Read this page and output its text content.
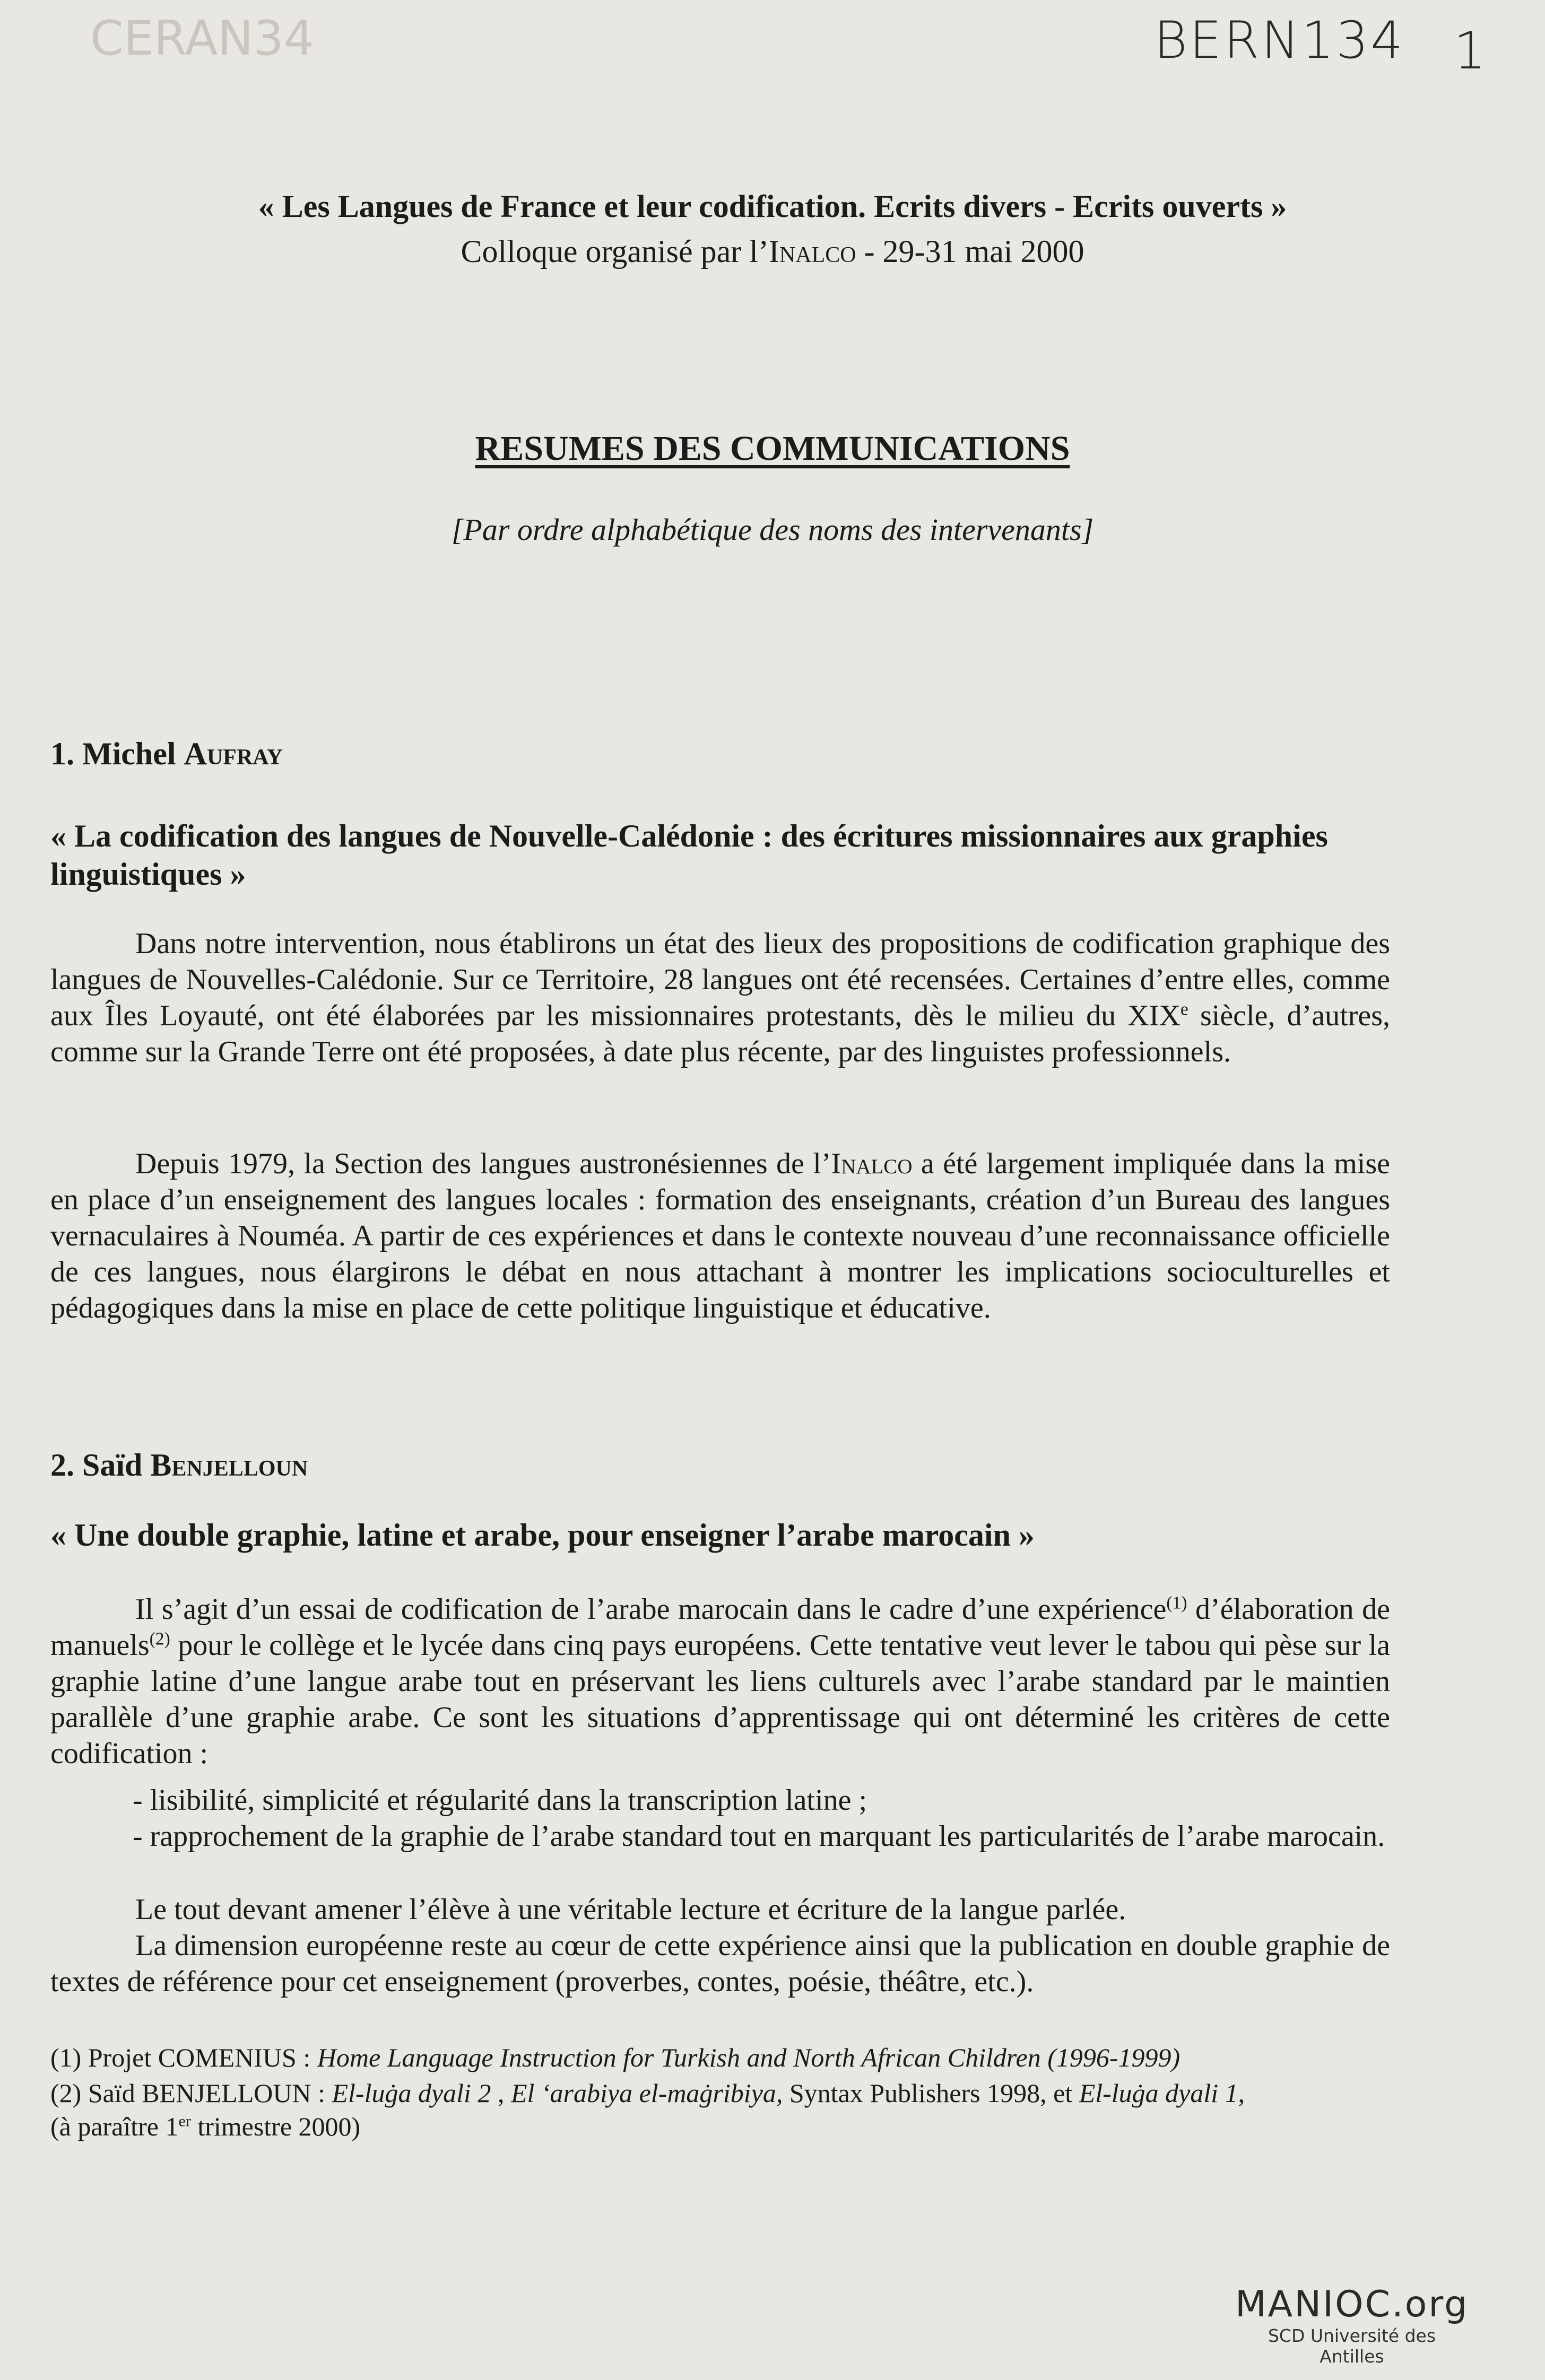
CERAN34	BERN134 1
« Les Langues de France et leur codification. Ecrits divers - Ecrits ouverts »
Colloque organisé par l’Inalco - 29-31 mai 2000
RESUMES DES COMMUNICATIONS
[Par ordre alphabétique des noms des intervenants]
1. Michel Aufray
« La codification des langues de Nouvelle-Calédonie : des écritures missionnaires aux graphies linguistiques »
Dans notre intervention, nous établirons un état des lieux des propositions de codification graphique des langues de Nouvelles-Calédonie. Sur ce Territoire, 28 langues ont été recensées. Certaines d’entre elles, comme aux Îles Loyauté, ont été élaborées par les missionnaires protestants, dès le milieu du XIXe siècle, d’autres, comme sur la Grande Terre ont été proposées, à date plus récente, par des linguistes professionnels.
Depuis 1979, la Section des langues austronésiennes de l’Inalco a été largement impliquée dans la mise en place d’un enseignement des langues locales : formation des enseignants, création d’un Bureau des langues vernaculaires à Nouméa. A partir de ces expériences et dans le contexte nouveau d’une reconnaissance officielle de ces langues, nous élargirons le débat en nous attachant à montrer les implications socioculturelles et pédagogiques dans la mise en place de cette politique linguistique et éducative.
2. Saïd Benjelloun
« Une double graphie, latine et arabe, pour enseigner l’arabe marocain »
Il s’agit d’un essai de codification de l’arabe marocain dans le cadre d’une expérience$^{(1)}$ d’élaboration de manuels$^{(2)}$ pour le collège et le lycée dans cinq pays européens. Cette tentative veut lever le tabou qui pèse sur la graphie latine d’une langue arabe tout en préservant les liens culturels avec l’arabe standard par le maintien parallèle d’une graphie arabe. Ce sont les situations d’apprentissage qui ont déterminé les critères de cette codification :
- lisibilité, simplicité et régularité dans la transcription latine ;
- rapprochement de la graphie de l’arabe standard tout en marquant les particularités de l’arabe marocain.
Le tout devant amener l’élève à une véritable lecture et écriture de la langue parlée.
La dimension européenne reste au cœur de cette expérience ainsi que la publication en double graphie de textes de référence pour cet enseignement (proverbes, contes, poésie, théâtre, etc.).
(1) Projet COMENIUS : Home Language Instruction for Turkish and North African Children (1996-1999)
(2) Saïd BENJELLOUN : El-luġa dyali 2 , El ‘arabiya el-maġribiya, Syntax Publishers 1998, et El-luġa dyali 1,
(à paraître 1er trimestre 2000)
MANIOC.org
SCD Université des Antilles
